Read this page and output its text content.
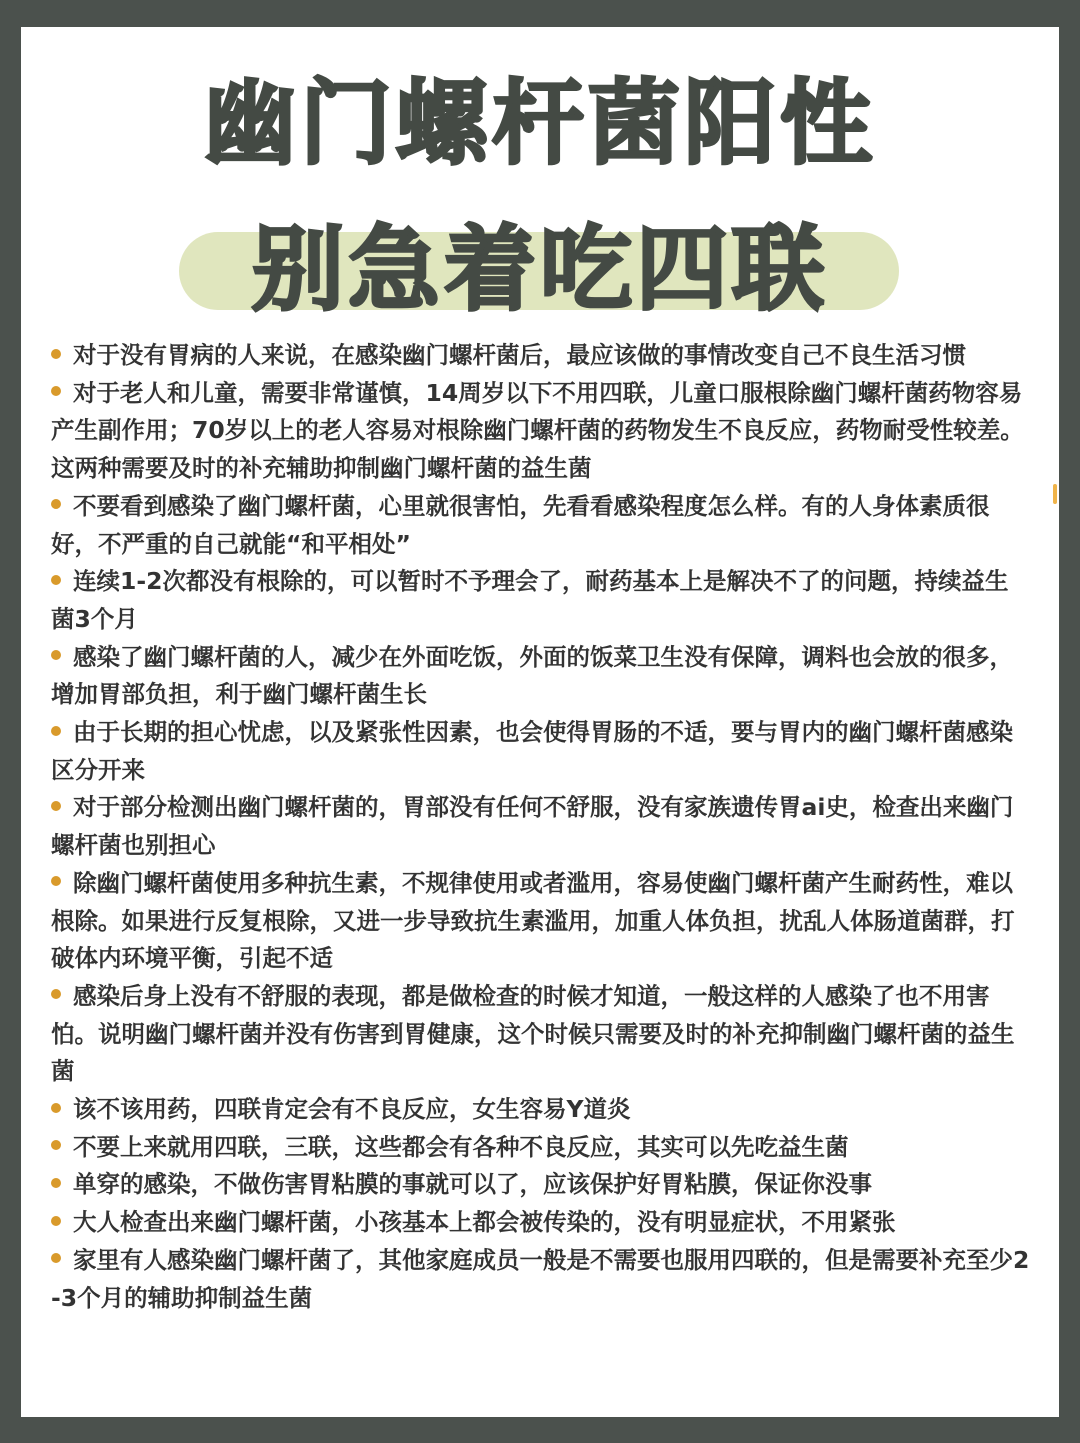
幽门螺杆菌阳性
别急着吃四联
对于没有胃病的人来说，在感染幽门螺杆菌后，最应该做的事情改变自己不良生活习惯
对于老人和儿童，需要非常谨慎，14周岁以下不用四联，儿童口服根除幽门螺杆菌药物容易产生副作用；70岁以上的老人容易对根除幽门螺杆菌的药物发生不良反应，药物耐受性较差。这两种需要及时的补充辅助抑制幽门螺杆菌的益生菌
不要看到感染了幽门螺杆菌，心里就很害怕，先看看感染程度怎么样。有的人身体素质很好，不严重的自己就能“和平相处”
连续1-2次都没有根除的，可以暂时不予理会了，耐药基本上是解决不了的问题，持续益生菌3个月
感染了幽门螺杆菌的人，减少在外面吃饭，外面的饭菜卫生没有保障，调料也会放的很多，增加胃部负担，利于幽门螺杆菌生长
由于长期的担心忧虑，以及紧张性因素，也会使得胃肠的不适，要与胃内的幽门螺杆菌感染区分开来
对于部分检测出幽门螺杆菌的，胃部没有任何不舒服，没有家族遗传胃ai史，检查出来幽门螺杆菌也别担心
除幽门螺杆菌使用多种抗生素，不规律使用或者滥用，容易使幽门螺杆菌产生耐药性，难以根除。如果进行反复根除，又进一步导致抗生素滥用，加重人体负担，扰乱人体肠道菌群，打破体内环境平衡，引起不适
感染后身上没有不舒服的表现，都是做检查的时候才知道，一般这样的人感染了也不用害怕。说明幽门螺杆菌并没有伤害到胃健康，这个时候只需要及时的补充抑制幽门螺杆菌的益生菌
该不该用药，四联肯定会有不良反应，女生容易Y道炎
不要上来就用四联，三联，这些都会有各种不良反应，其实可以先吃益生菌
单穿的感染，不做伤害胃粘膜的事就可以了，应该保护好胃粘膜，保证你没事
大人检查出来幽门螺杆菌，小孩基本上都会被传染的，没有明显症状，不用紧张
家里有人感染幽门螺杆菌了，其他家庭成员一般是不需要也服用四联的，但是需要补充至少2-3个月的辅助抑制益生菌
